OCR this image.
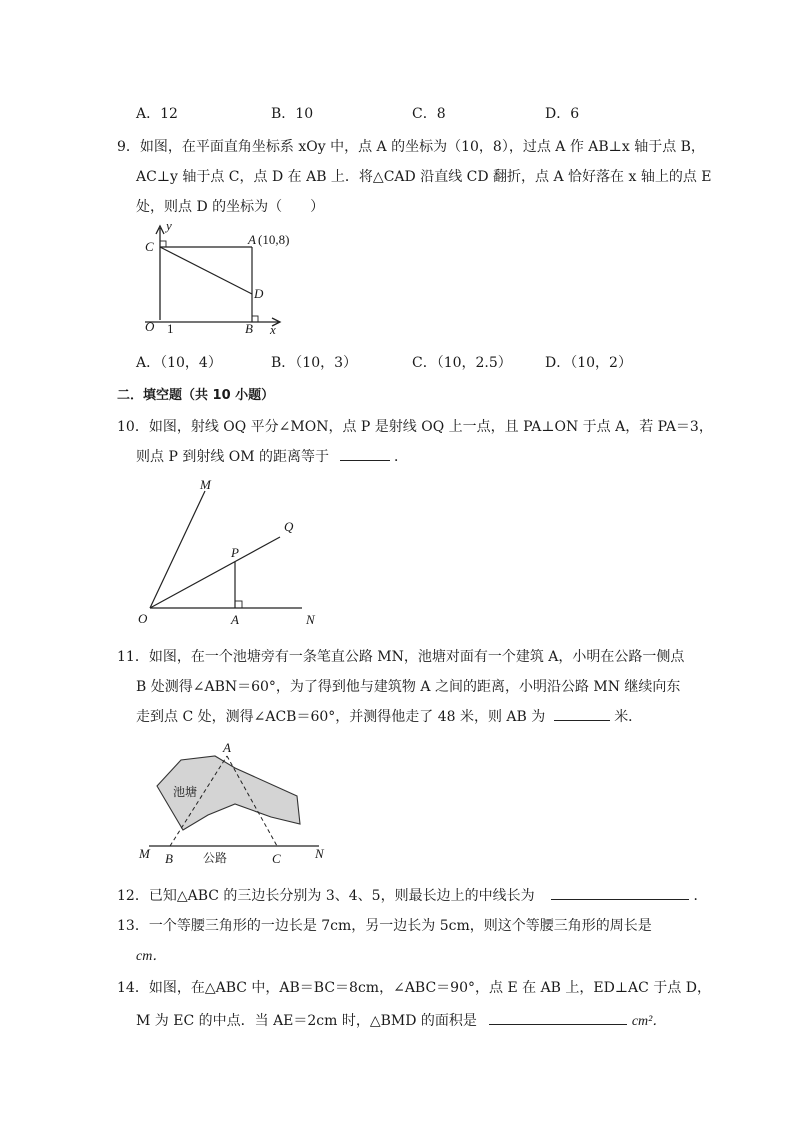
A．12	B．10	C．8	D．6
9．如图，在平面直角坐标系 xOy 中，点 A 的坐标为（10，8），过点 A 作 AB⊥x 轴于点 B，
AC⊥y 轴于点 C，点 D 在 AB 上．将△CAD 沿直线 CD 翻折，点 A 恰好落在 x 轴上的点 E
处，则点 D 的坐标为（　　）
y
C	A (10,8)
D
O 1	B x
A．（10，4）	B．（10，3）	C．（10，2.5） D．（10，2）
二．填空题（共 10 小题）
10．如图，射线 OQ 平分∠MON，点 P 是射线 OQ 上一点，且 PA⊥ON 于点 A，若 PA＝3，
则点 P 到射线 OM 的距离等于	．
M
Q
P
O	A	N
11．如图，在一个池塘旁有一条笔直公路 MN，池塘对面有一个建筑 A，小明在公路一侧点
B 处测得∠ABN＝60°，为了得到他与建筑物 A 之间的距离，小明沿公路 MN 继续向东
走到点 C 处，测得∠ACB＝60°，并测得他走了 48 米，则 AB 为	米．
A
池塘
M B	公路	C	N
12．已知△ABC 的三边长分别为 3、4、5，则最长边上的中线长为	．
13．一个等腰三角形的一边长是 7cm，另一边长为 5cm，则这个等腰三角形的周长是
cm．
14．如图，在△ABC 中，AB＝BC＝8cm，∠ABC＝90°，点 E 在 AB 上，ED⊥AC 于点 D，
M 为 EC 的中点．当 AE＝2cm 时，△BMD 的面积是	cm²．
